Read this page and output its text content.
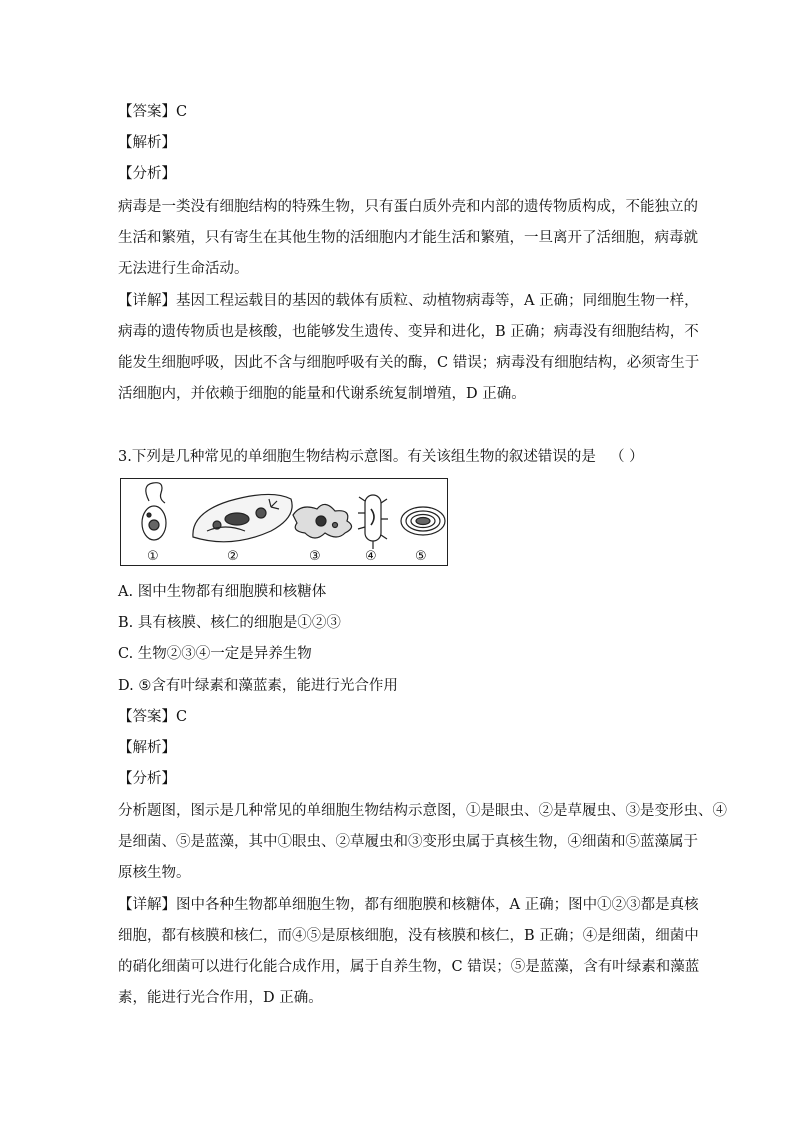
【答案】C
【解析】
【分析】
病毒是一类没有细胞结构的特殊生物，只有蛋白质外壳和内部的遗传物质构成，不能独立的
生活和繁殖，只有寄生在其他生物的活细胞内才能生活和繁殖，一旦离开了活细胞，病毒就
无法进行生命活动。
【详解】基因工程运载目的基因的载体有质粒、动植物病毒等，A 正确；同细胞生物一样，
病毒的遗传物质也是核酸，也能够发生遗传、变异和进化，B 正确；病毒没有细胞结构，不
能发生细胞呼吸，因此不含与细胞呼吸有关的酶，C 错误；病毒没有细胞结构，必须寄生于
活细胞内，并依赖于细胞的能量和代谢系统复制增殖，D 正确。
3.下列是几种常见的单细胞生物结构示意图。有关该组生物的叙述错误的是 （ ）
①	②	③	④	⑤
A. 图中生物都有细胞膜和核糖体
B. 具有核膜、核仁的细胞是①②③
C. 生物②③④一定是异养生物
D. ⑤含有叶绿素和藻蓝素，能进行光合作用
【答案】C
【解析】
【分析】
分析题图，图示是几种常见的单细胞生物结构示意图，①是眼虫、②是草履虫、③是变形虫、④
是细菌、⑤是蓝藻，其中①眼虫、②草履虫和③变形虫属于真核生物，④细菌和⑤蓝藻属于
原核生物。
【详解】图中各种生物都单细胞生物，都有细胞膜和核糖体，A 正确；图中①②③都是真核
细胞，都有核膜和核仁，而④⑤是原核细胞，没有核膜和核仁，B 正确；④是细菌，细菌中
的硝化细菌可以进行化能合成作用，属于自养生物，C 错误；⑤是蓝藻，含有叶绿素和藻蓝
素，能进行光合作用，D 正确。
